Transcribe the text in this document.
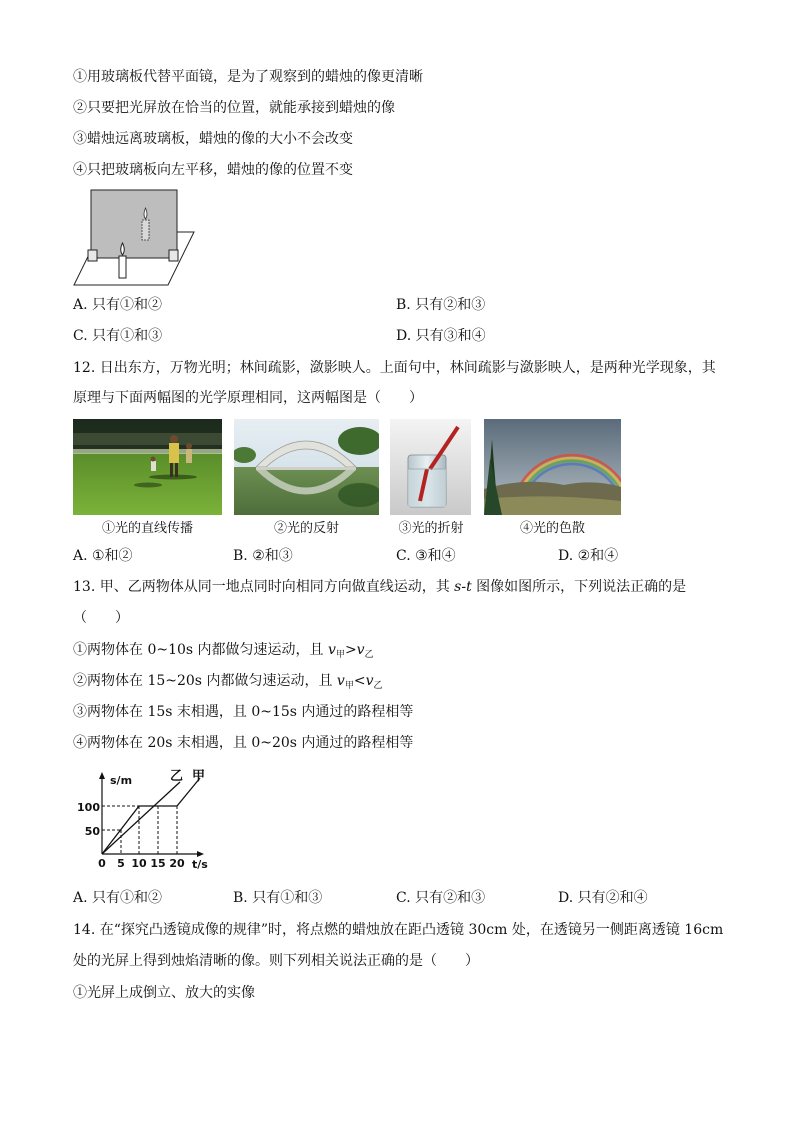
①用玻璃板代替平面镜，是为了观察到的蜡烛的像更清晰
②只要把光屏放在恰当的位置，就能承接到蜡烛的像
③蜡烛远离玻璃板，蜡烛的像的大小不会改变
④只把玻璃板向左平移，蜡烛的像的位置不变
A. 只有①和②	B. 只有②和③
C. 只有①和③	D. 只有③和④
12. 日出东方，万物光明；林间疏影，潋影映人。上面句中，林间疏影与潋影映人，是两种光学现象，其
原理与下面两幅图的光学原理相同，这两幅图是（　　）
①光的直线传播	②光的反射	③光的折射	④光的色散
A. ①和②	B. ②和③	C. ③和④	D. ②和④
13. 甲、乙两物体从同一地点同时向相同方向做直线运动，其 s-t 图像如图所示，下列说法正确的是
（　　）
①两物体在 0~10s 内都做匀速运动，且 $v_甲>v_乙$
②两物体在 15~20s 内都做匀速运动，且 $v_甲<v_乙$
③两物体在 15s 末相遇，且 0~15s 内通过的路程相等
④两物体在 20s 末相遇，且 0~20s 内通过的路程相等
s/m
t/s
100
50
0 5 10 15 20
乙 甲
A. 只有①和②	B. 只有①和③	C. 只有②和③	D. 只有②和④
14. 在“探究凸透镜成像的规律”时，将点燃的蜡烛放在距凸透镜 30cm 处，在透镜另一侧距离透镜 16cm
处的光屏上得到烛焰清晰的像。则下列相关说法正确的是（　　）
①光屏上成倒立、放大的实像
